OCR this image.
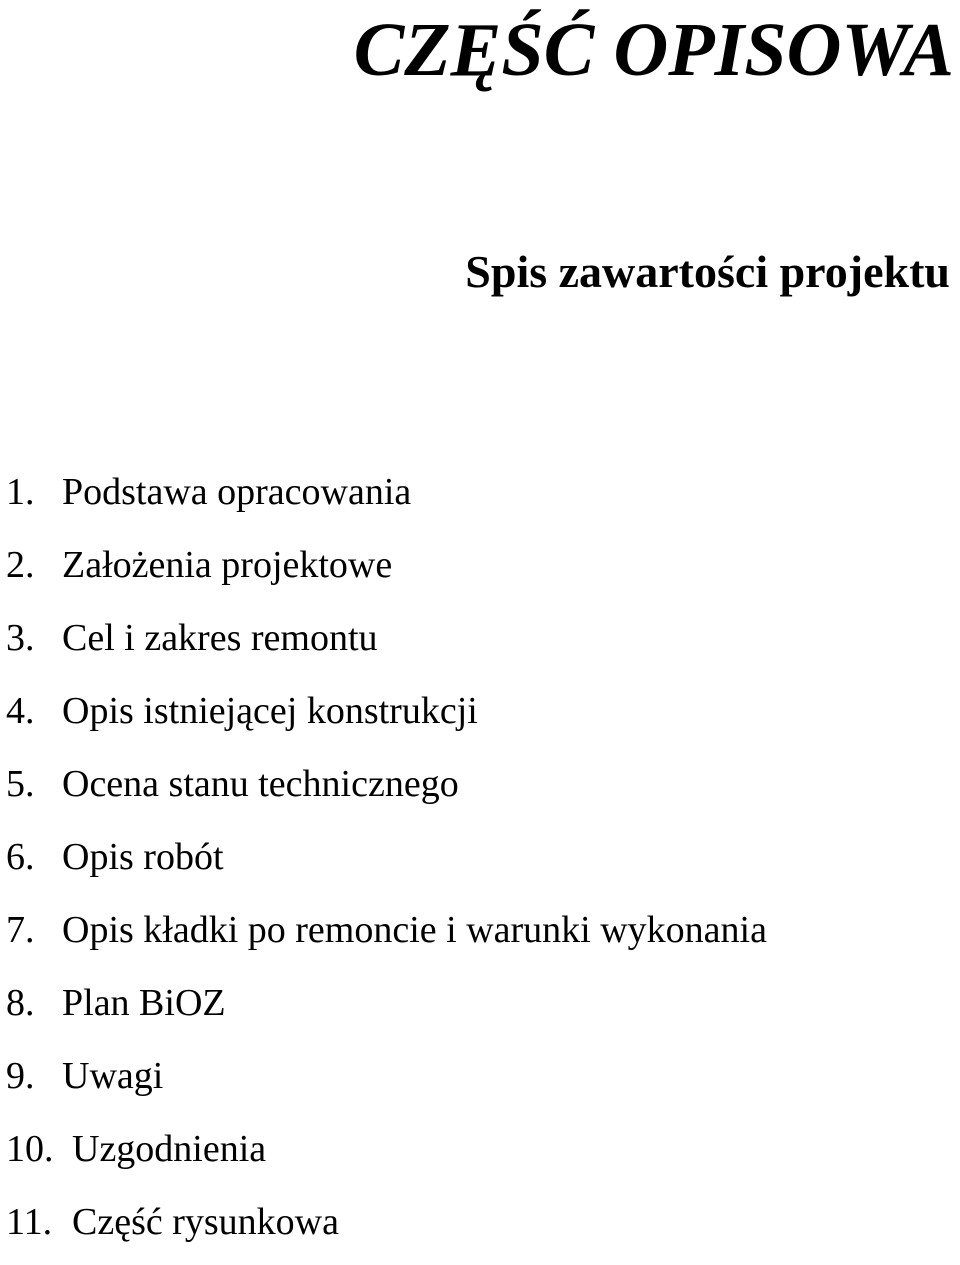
CZĘŚĆ OPISOWA
Spis zawartości projektu
1. Podstawa opracowania
2. Założenia projektowe
3. Cel i zakres remontu
4. Opis istniejącej konstrukcji
5. Ocena stanu technicznego
6. Opis robót
7. Opis kładki po remoncie i warunki wykonania
8. Plan BiOZ
9. Uwagi
10. Uzgodnienia
11. Część rysunkowa
